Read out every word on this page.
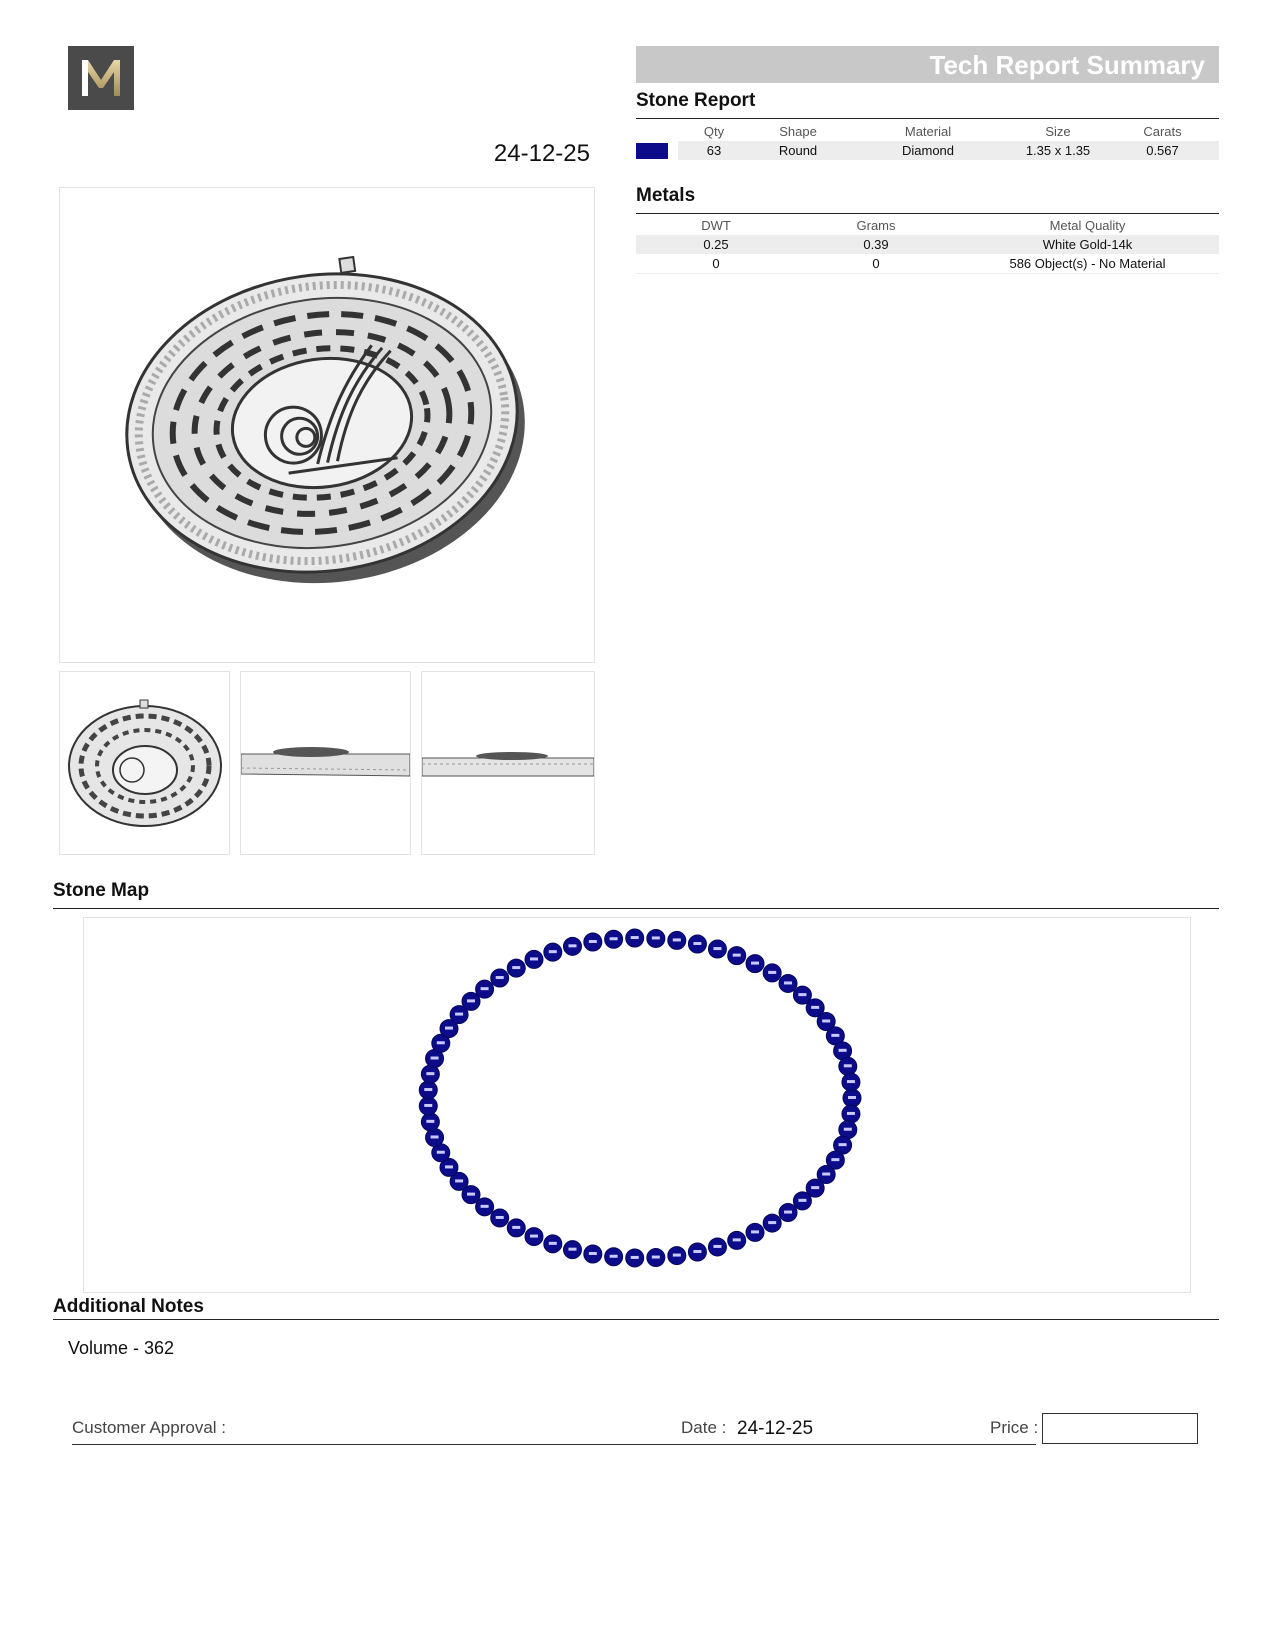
24-12-25
Tech Report Summary
Stone Report
	Qty	Shape	Material	Size	Carats

	63	Round	Diamond	1.35 x 1.35	0.567
Metals
DWT	Grams	Metal Quality
0.25	0.39	White Gold-14k
0	0	586 Object(s) - No Material
Stone Map
Additional Notes
Volume - 362
Customer Approval :	Date : 24-12-25	Price :
